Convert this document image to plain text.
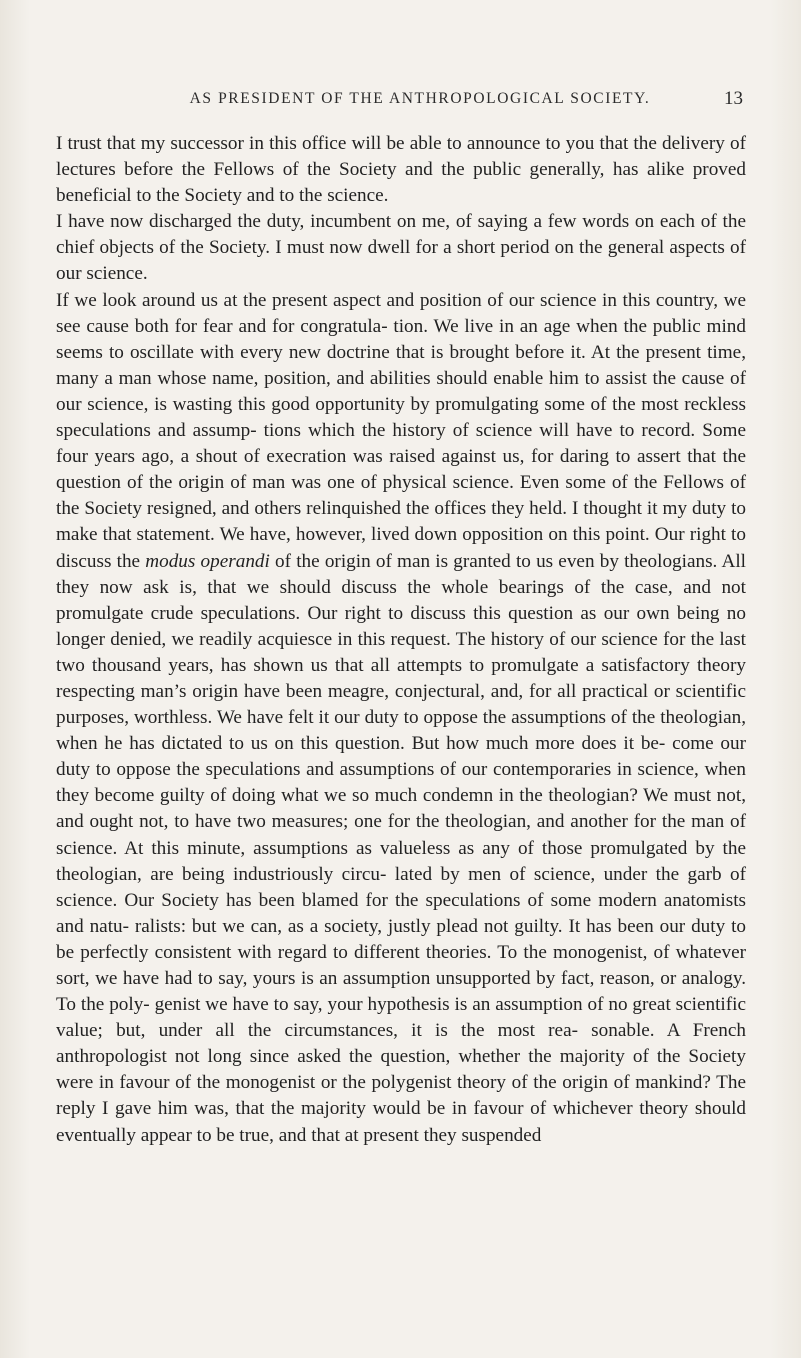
AS PRESIDENT OF THE ANTHROPOLOGICAL SOCIETY.	13

I trust that my successor in this office will be able to announce to you that the delivery of lectures before the Fellows of the Society and the public generally, has alike proved beneficial to the Society and to the science.

I have now discharged the duty, incumbent on me, of saying a few words on each of the chief objects of the Society. I must now dwell for a short period on the general aspects of our science.

If we look around us at the present aspect and position of our science in this country, we see cause both for fear and for congratula- tion. We live in an age when the public mind seems to oscillate with every new doctrine that is brought before it. At the present time, many a man whose name, position, and abilities should enable him to assist the cause of our science, is wasting this good opportunity by promulgating some of the most reckless speculations and assump- tions which the history of science will have to record. Some four years ago, a shout of execration was raised against us, for daring to assert that the question of the origin of man was one of physical science. Even some of the Fellows of the Society resigned, and others relinquished the offices they held. I thought it my duty to make that statement. We have, however, lived down opposition on this point. Our right to discuss the modus operandi of the origin of man is granted to us even by theologians. All they now ask is, that we should discuss the whole bearings of the case, and not promulgate crude speculations. Our right to discuss this question as our own being no longer denied, we readily acquiesce in this request. The history of our science for the last two thousand years, has shown us that all attempts to promulgate a satisfactory theory respecting man’s origin have been meagre, conjectural, and, for all practical or scientific purposes, worthless. We have felt it our duty to oppose the assumptions of the theologian, when he has dictated to us on this question. But how much more does it be- come our duty to oppose the speculations and assumptions of our contemporaries in science, when they become guilty of doing what we so much condemn in the theologian? We must not, and ought not, to have two measures; one for the theologian, and another for the man of science. At this minute, assumptions as valueless as any of those promulgated by the theologian, are being industriously circu- lated by men of science, under the garb of science. Our Society has been blamed for the speculations of some modern anatomists and natu- ralists: but we can, as a society, justly plead not guilty. It has been our duty to be perfectly consistent with regard to different theories. To the monogenist, of whatever sort, we have had to say, yours is an assumption unsupported by fact, reason, or analogy. To the poly- genist we have to say, your hypothesis is an assumption of no great scientific value; but, under all the circumstances, it is the most rea- sonable. A French anthropologist not long since asked the question, whether the majority of the Society were in favour of the monogenist or the polygenist theory of the origin of mankind? The reply I gave him was, that the majority would be in favour of whichever theory should eventually appear to be true, and that at present they suspended
